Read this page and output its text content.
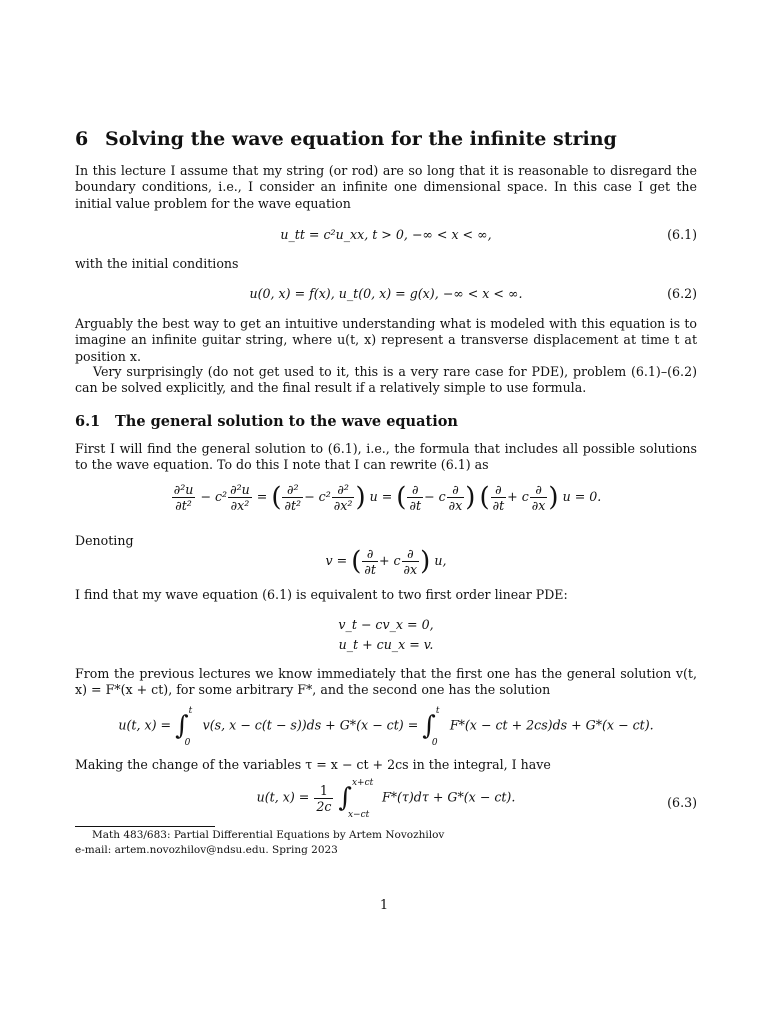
6 Solving the wave equation for the infinite string

In this lecture I assume that my string (or rod) are so long that it is reasonable to disregard the boundary conditions, i.e., I consider an infinite one dimensional space. In this case I get the initial value problem for the wave equation

u_tt = c²u_xx, t > 0, −∞ < x < ∞,	(6.1)

with the initial conditions

u(0, x) = f(x), u_t(0, x) = g(x), −∞ < x < ∞.	(6.2)

Arguably the best way to get an intuitive understanding what is modeled with this equation is to imagine an infinite guitar string, where u(t, x) represent a transverse displacement at time t at position x.

Very surprisingly (do not get used to it, this is a very rare case for PDE), problem (6.1)–(6.2) can be solved explicitly, and the final result if a relatively simple to use formula.

6.1 The general solution to the wave equation

First I will find the general solution to (6.1), i.e., the formula that includes all possible solutions to the wave equation. To do this I note that I can rewrite (6.1) as

$\frac{\text{∂²u}}{\text{∂t²}} - c^2 \frac{\text{∂²u}}{\text{∂x²}}$ = ( $\frac{\text{∂²}}{\text{∂t²}} - c^2 \frac{\text{∂²}}{\text{∂x²}}$ ) u = ( $\frac{\partial}{\partial t} - c \frac{\partial}{\partial x}$ ) ( $\frac{\partial}{\partial t} + c \frac{\partial}{\partial x}$ ) u = 0.

Denoting

v = ( $\frac{\partial}{\partial t} + c \frac{\partial}{\partial x}$ ) u,

I find that my wave equation (6.1) is equivalent to two first order linear PDE:

v_t − cv_x = 0,
u_t + cu_x = v.

From the previous lectures we know immediately that the first one has the general solution v(t, x) = F*(x + ct), for some arbitrary F*, and the second one has the solution

u(t, x) = ∫ t
0
v(s, x − c(t − s))ds + G*(x − ct) = ∫ t
0
F*(x − ct + 2cs)ds + G*(x − ct).

Making the change of the variables τ = x − ct + 2cs in the integral, I have

u(t, $x) = \frac{1}{2c}$ ∫ x+ct
x−ct
F*(τ)dτ + G*(x − ct).	(6.3)
Math 483/683: Partial Differential Equations by Artem Novozhilov
e-mail: artem.novozhilov@ndsu.edu. Spring 2023
1
